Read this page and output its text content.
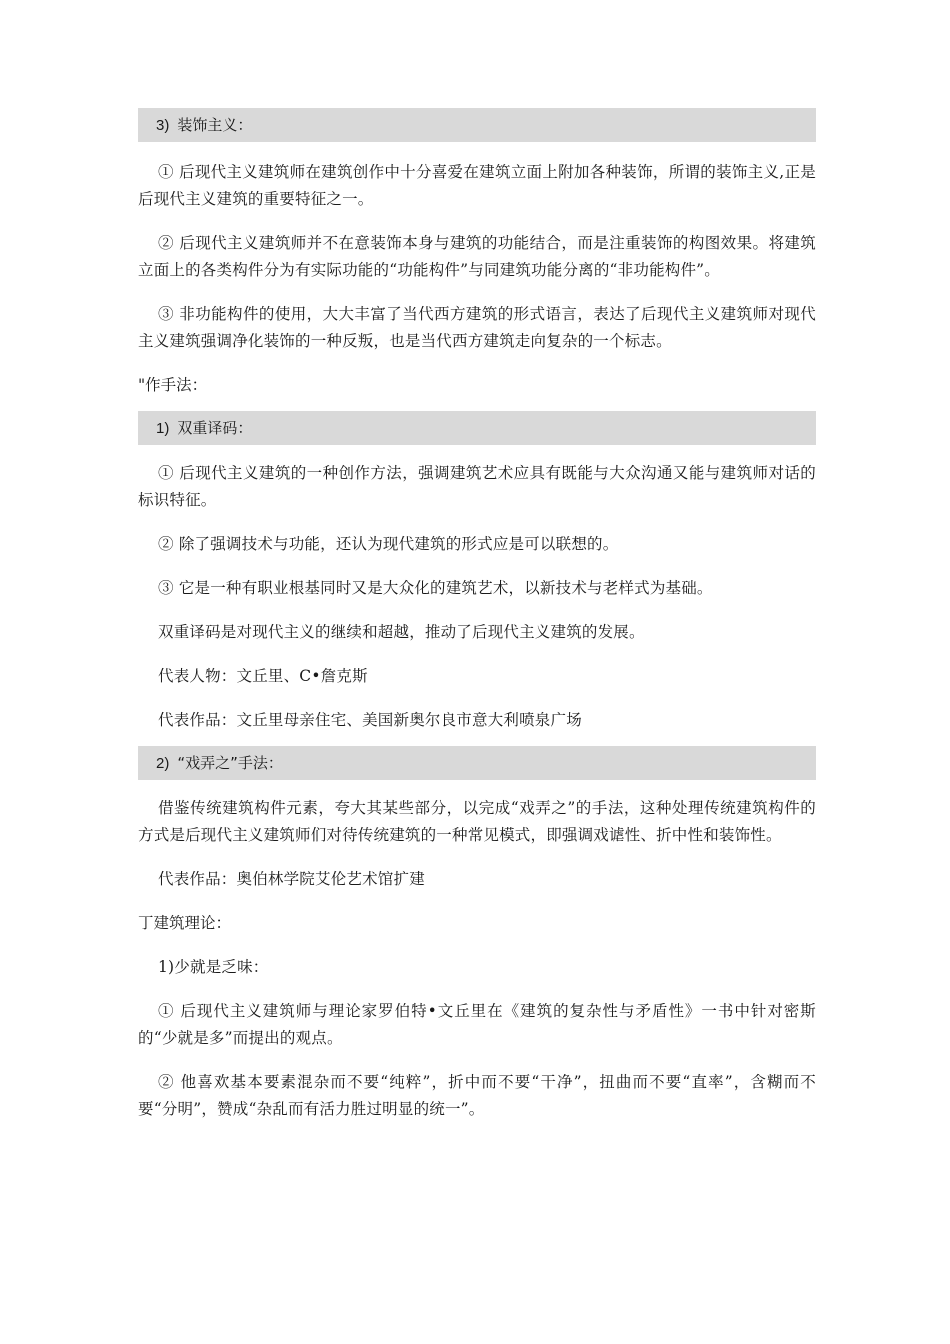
3) 装饰主义：

① 后现代主义建筑师在建筑创作中十分喜爱在建筑立面上附加各种装饰，所谓的装饰主义,正是后现代主义建筑的重要特征之一。

② 后现代主义建筑师并不在意装饰本身与建筑的功能结合，而是注重装饰的构图效果。将建筑立面上的各类构件分为有实际功能的“功能构件”与同建筑功能分离的“非功能构件”。

③ 非功能构件的使用，大大丰富了当代西方建筑的形式语言，表达了后现代主义建筑师对现代主义建筑强调净化装饰的一种反叛，也是当代西方建筑走向复杂的一个标志。

"作手法：

1) 双重译码：

① 后现代主义建筑的一种创作方法，强调建筑艺术应具有既能与大众沟通又能与建筑师对话的标识特征。

② 除了强调技术与功能，还认为现代建筑的形式应是可以联想的。

③ 它是一种有职业根基同时又是大众化的建筑艺术，以新技术与老样式为基础。

双重译码是对现代主义的继续和超越，推动了后现代主义建筑的发展。

代表人物：文丘里、C•詹克斯

代表作品：文丘里母亲住宅、美国新奥尔良市意大利喷泉广场

2) “戏弄之”手法：

借鉴传统建筑构件元素，夸大其某些部分，以完成“戏弄之”的手法，这种处理传统建筑构件的方式是后现代主义建筑师们对待传统建筑的一种常见模式，即强调戏谑性、折中性和装饰性。

代表作品：奥伯林学院艾伦艺术馆扩建

丁建筑理论：

1)少就是乏味：

① 后现代主义建筑师与理论家罗伯特•文丘里在《建筑的复杂性与矛盾性》一书中针对密斯的“少就是多”而提出的观点。

② 他喜欢基本要素混杂而不要“纯粹”，折中而不要“干净”，扭曲而不要“直率”，含糊而不要“分明”，赞成“杂乱而有活力胜过明显的统一”。
